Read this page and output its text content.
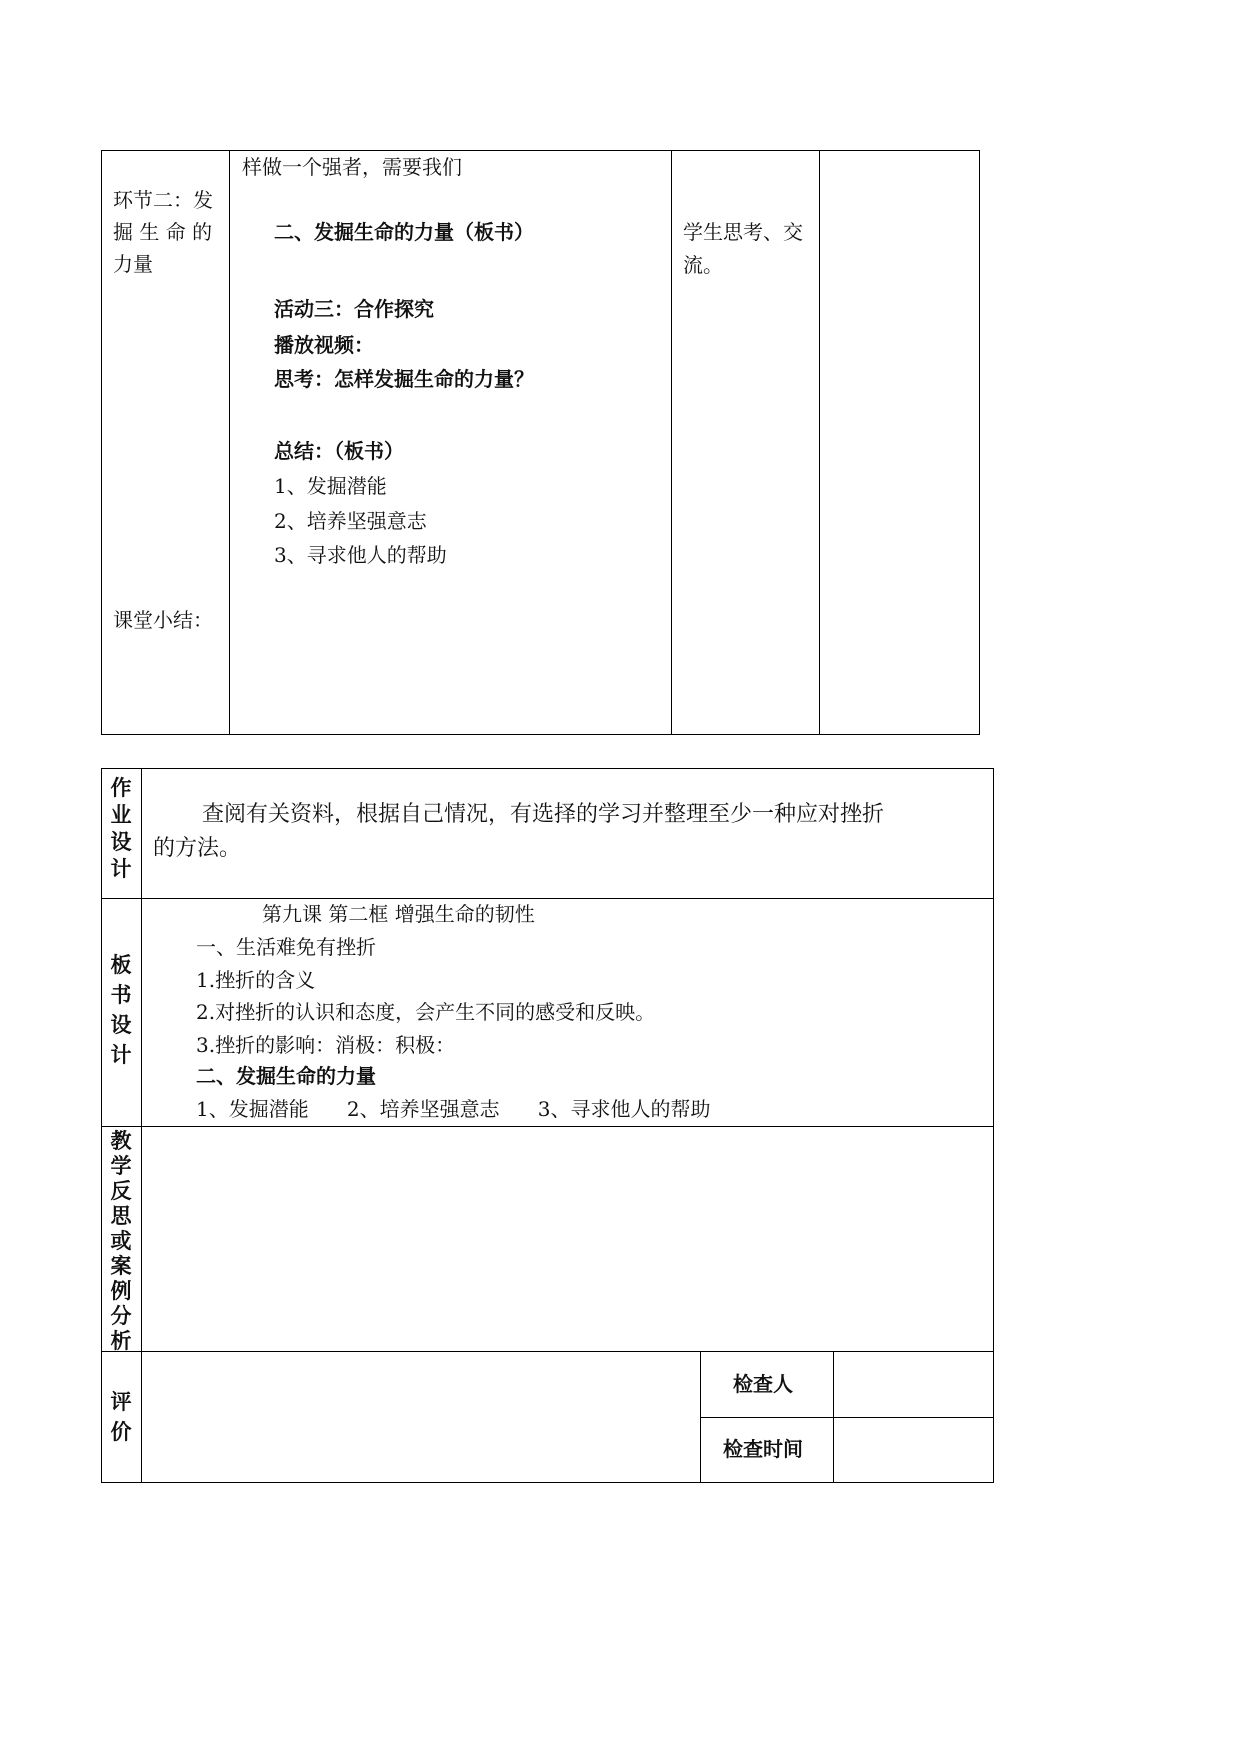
环节二：发
掘 生 命 的
力量
课堂小结：
样做一个强者，需要我们
二、发掘生命的力量（板书）
活动三：合作探究
播放视频：
思考：怎样发掘生命的力量？
总结：（板书）
1、发掘潜能
2、培养坚强意志
3、寻求他人的帮助
学生思考、交
流。
作业设计
查阅有关资料，根据自己情况，有选择的学习并整理至少一种应对挫折
的方法。
板书设计
第九课 第二框 增强生命的韧性
一、生活难免有挫折
1.挫折的含义
2.对挫折的认识和态度，会产生不同的感受和反映。
3.挫折的影响：消极：积极：
二、发掘生命的力量
1、发掘潜能      2、培养坚强意志      3、寻求他人的帮助
教学反思或案例分析
评价
检查人
检查时间
